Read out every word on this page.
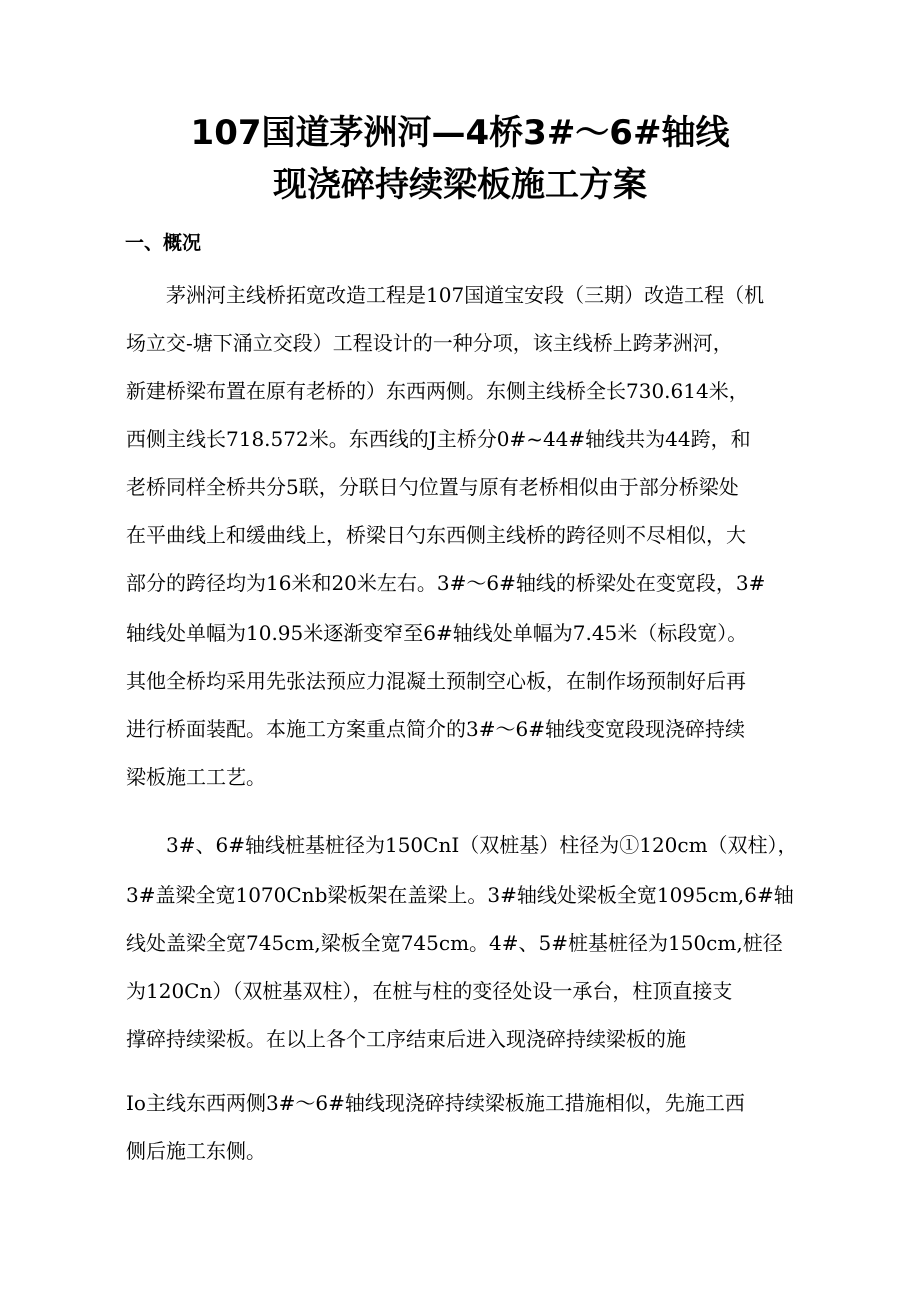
107国道茅洲河—4桥3#～6#轴线
现浇碎持续梁板施工方案
一、概况
茅洲河主线桥拓宽改造工程是107国道宝安段（三期）改造工程（机
场立交-塘下涌立交段）工程设计的一种分项，该主线桥上跨茅洲河，
新建桥梁布置在原有老桥的）东西两侧。东侧主线桥全长730.614米，
西侧主线长718.572米。东西线的J主桥分0#~44#轴线共为44跨，和
老桥同样全桥共分5联，分联日勺位置与原有老桥相似由于部分桥梁处
在平曲线上和缓曲线上，桥梁日勺东西侧主线桥的跨径则不尽相似，大
部分的跨径均为16米和20米左右。3#～6#轴线的桥梁处在变宽段，3#
轴线处单幅为10.95米逐渐变窄至6#轴线处单幅为7.45米（标段宽）。
其他全桥均采用先张法预应力混凝土预制空心板，在制作场预制好后再
进行桥面装配。本施工方案重点简介的3#～6#轴线变宽段现浇碎持续
梁板施工工艺。
3#、6#轴线桩基桩径为150CnI（双桩基）柱径为①120cm（双柱），
3#盖梁全宽1070Cnb梁板架在盖梁上。3#轴线处梁板全宽1095cm,6#轴
线处盖梁全宽745cm,梁板全宽745cm。4#、5#桩基桩径为150cm,桩径
为120Cn）（双桩基双柱），在桩与柱的变径处设一承台，柱顶直接支
撑碎持续梁板。在以上各个工序结束后进入现浇碎持续梁板的施
Io主线东西两侧3#～6#轴线现浇碎持续梁板施工措施相似，先施工西
侧后施工东侧。
